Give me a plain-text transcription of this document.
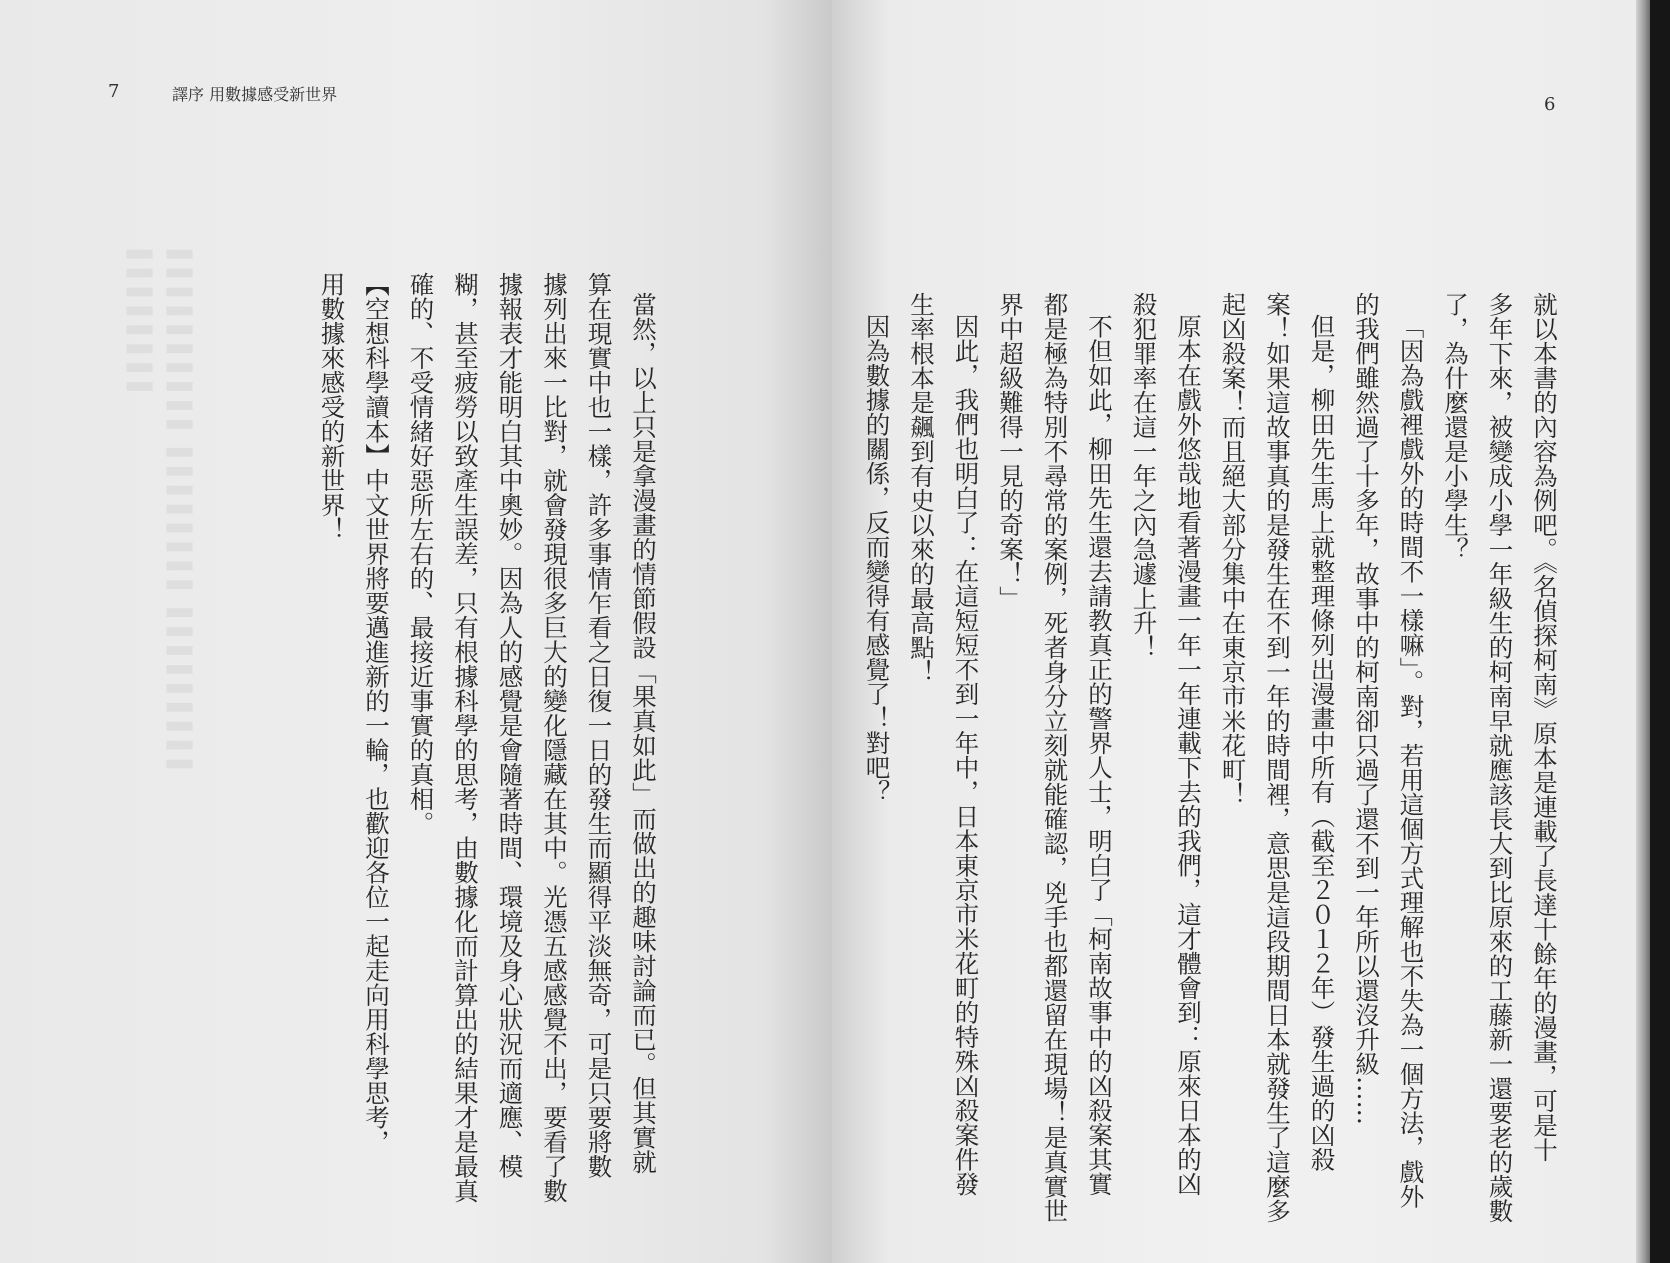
▌▌▌▌▌▌▌▌▌▌ ▌▌▌▌▌▌▌▌ ▌▌▌▌▌▌▌▌▌ ▌▌▌▌▌▌▌▌
7	譯序 用數據感受新世界
當然，以上只是拿漫畫的情節假設「果真如此」而做出的趣味討論而已。但其實就
算在現實中也一樣，許多事情乍看之日復一日的發生而顯得平淡無奇，可是只要將數
據列出來一比對，就會發現很多巨大的變化隱藏在其中。光憑五感感覺不出，要看了數
據報表才能明白其中奧妙。因為人的感覺是會隨著時間、環境及身心狀況而適應、模
糊，甚至疲勞以致產生誤差，只有根據科學的思考，由數據化而計算出的結果才是最真
確的、不受情緒好惡所左右的、最接近事實的真相。
【空想科學讀本】中文世界將要邁進新的一輪，也歡迎各位一起走向用科學思考，
用數據來感受的新世界！
6
就以本書的內容為例吧。《名偵探柯南》原本是連載了長達十餘年的漫畫，可是十
多年下來，被變成小學一年級生的柯南早就應該長大到比原來的工藤新一還要老的歲數
了，為什麼還是小學生？
「因為戲裡戲外的時間不一樣嘛」。對，若用這個方式理解也不失為一個方法，戲外
的我們雖然過了十多年，故事中的柯南卻只過了還不到一年所以還沒升級……
但是，柳田先生馬上就整理條列出漫畫中所有（截至２０１２年）發生過的凶殺
案！如果這故事真的是發生在不到一年的時間裡，意思是這段期間日本就發生了這麼多
起凶殺案！而且絕大部分集中在東京市米花町！
原本在戲外悠哉地看著漫畫一年一年連載下去的我們，這才體會到：原來日本的凶
殺犯罪率在這一年之內急遽上升！
不但如此，柳田先生還去請教真正的警界人士，明白了「柯南故事中的凶殺案其實
都是極為特別不尋常的案例，死者身分立刻就能確認，兇手也都還留在現場！是真實世
界中超級難得一見的奇案！」
因此，我們也明白了：在這短短不到一年中，日本東京市米花町的特殊凶殺案件發
生率根本是飆到有史以來的最高點！
因為數據的關係，反而變得有感覺了！對吧？
